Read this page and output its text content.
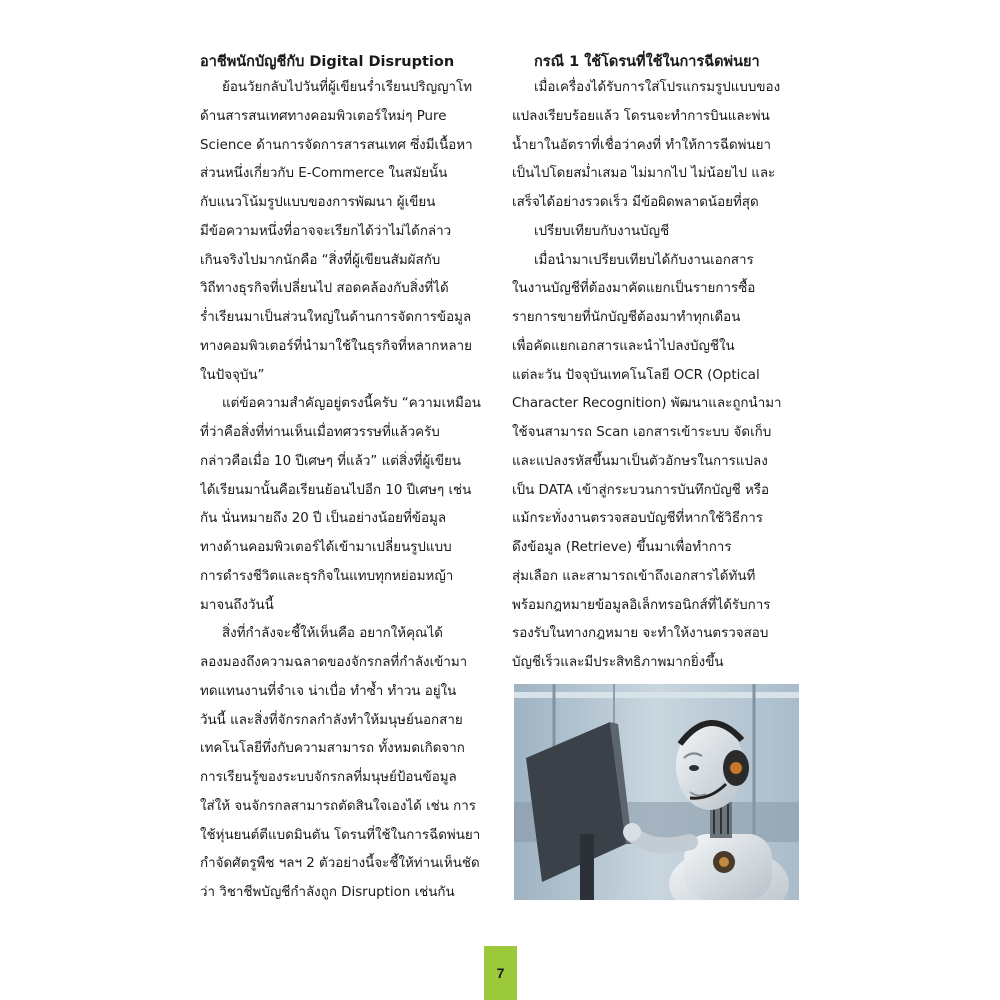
อาชีพนักบัญชีกับ Digital Disruption
ย้อนวัยกลับไปวันที่ผู้เขียนร่ำเรียนปริญญาโท
ด้านสารสนเทศทางคอมพิวเตอร์ใหม่ๆ Pure
Science ด้านการจัดการสารสนเทศ ซึ่งมีเนื้อหา
ส่วนหนึ่งเกี่ยวกับ E-Commerce ในสมัยนั้น
กับแนวโน้มรูปแบบของการพัฒนา ผู้เขียน
มีข้อความหนึ่งที่อาจจะเรียกได้ว่าไม่ได้กล่าว
เกินจริงไปมากนักคือ “สิ่งที่ผู้เขียนสัมผัสกับ
วิถีทางธุรกิจที่เปลี่ยนไป สอดคล้องกับสิ่งที่ได้
ร่ำเรียนมาเป็นส่วนใหญ่ในด้านการจัดการข้อมูล
ทางคอมพิวเตอร์ที่นำมาใช้ในธุรกิจที่หลากหลาย
ในปัจจุบัน”
แต่ข้อความสำคัญอยู่ตรงนี้ครับ “ความเหมือน
ที่ว่าคือสิ่งที่ท่านเห็นเมื่อทศวรรษที่แล้วครับ
กล่าวคือเมื่อ 10 ปีเศษๆ ที่แล้ว” แต่สิ่งที่ผู้เขียน
ได้เรียนมานั้นคือเรียนย้อนไปอีก 10 ปีเศษๆ เช่น
กัน นั่นหมายถึง 20 ปี เป็นอย่างน้อยที่ข้อมูล
ทางด้านคอมพิวเตอร์ได้เข้ามาเปลี่ยนรูปแบบ
การดำรงชีวิตและธุรกิจในแทบทุกหย่อมหญ้า
มาจนถึงวันนี้
สิ่งที่กำลังจะชี้ให้เห็นคือ อยากให้คุณได้
ลองมองถึงความฉลาดของจักรกลที่กำลังเข้ามา
ทดแทนงานที่จำเจ น่าเบื่อ ทำซ้ำ ทำวน อยู่ใน
วันนี้ และสิ่งที่จักรกลกำลังทำให้มนุษย์นอกสาย
เทคโนโลยีทึ่งกับความสามารถ ทั้งหมดเกิดจาก
การเรียนรู้ของระบบจักรกลที่มนุษย์ป้อนข้อมูล
ใส่ให้ จนจักรกลสามารถตัดสินใจเองได้ เช่น การ
ใช้หุ่นยนต์ตีแบดมินตัน โดรนที่ใช้ในการฉีดพ่นยา
กำจัดศัตรูพืช ฯลฯ 2 ตัวอย่างนี้จะชี้ให้ท่านเห็นชัด
ว่า วิชาชีพบัญชีกำลังถูก Disruption เช่นกัน
กรณี 1 ใช้โดรนที่ใช้ในการฉีดพ่นยา
เมื่อเครื่องได้รับการใส่โปรแกรมรูปแบบของ
แปลงเรียบร้อยแล้ว โดรนจะทำการบินและพ่น
น้ำยาในอัตราที่เชื่อว่าคงที่ ทำให้การฉีดพ่นยา
เป็นไปโดยสม่ำเสมอ ไม่มากไป ไม่น้อยไป และ
เสร็จได้อย่างรวดเร็ว มีข้อผิดพลาดน้อยที่สุด
เปรียบเทียบกับงานบัญชี
เมื่อนำมาเปรียบเทียบได้กับงานเอกสาร
ในงานบัญชีที่ต้องมาคัดแยกเป็นรายการซื้อ
รายการขายที่นักบัญชีต้องมาทำทุกเดือน
เพื่อคัดแยกเอกสารและนำไปลงบัญชีใน
แต่ละวัน ปัจจุบันเทคโนโลยี OCR (Optical
Character Recognition) พัฒนาและถูกนำมา
ใช้จนสามารถ Scan เอกสารเข้าระบบ จัดเก็บ
และแปลงรหัสขึ้นมาเป็นตัวอักษรในการแปลง
เป็น DATA เข้าสู่กระบวนการบันทึกบัญชี หรือ
แม้กระทั่งงานตรวจสอบบัญชีที่หากใช้วิธีการ
ดึงข้อมูล (Retrieve) ขึ้นมาเพื่อทำการ
สุ่มเลือก และสามารถเข้าถึงเอกสารได้ทันที
พร้อมกฎหมายข้อมูลอิเล็กทรอนิกส์ที่ได้รับการ
รองรับในทางกฎหมาย จะทำให้งานตรวจสอบ
บัญชีเร็วและมีประสิทธิภาพมากยิ่งขึ้น
7
